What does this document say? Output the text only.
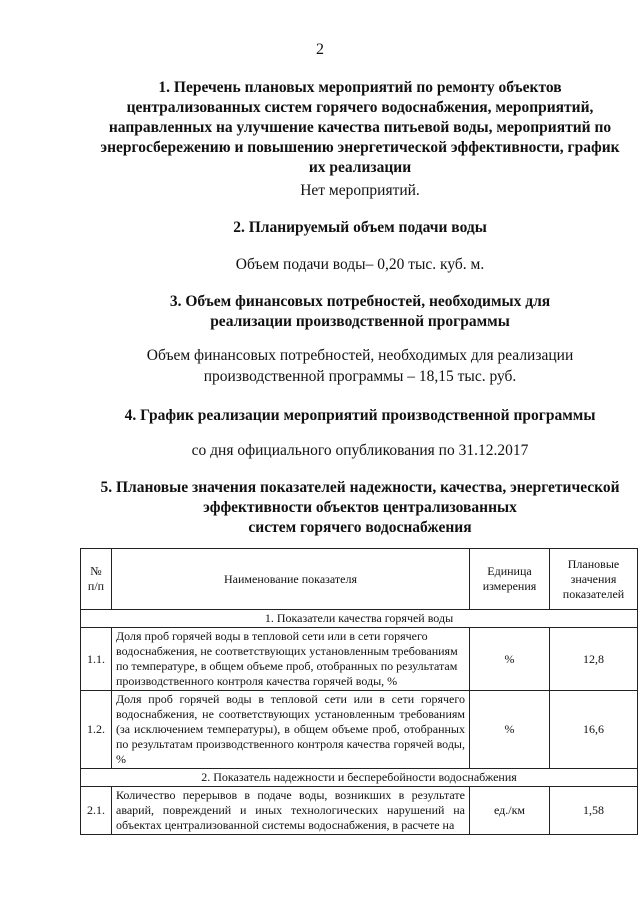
2
1. Перечень плановых мероприятий по ремонту объектов
централизованных систем горячего водоснабжения, мероприятий,
направленных на улучшение качества питьевой воды, мероприятий по
энергосбережению и повышению энергетической эффективности, график
их реализации
Нет мероприятий.
2. Планируемый объем подачи воды
Объем подачи воды– 0,20 тыс. куб. м.
3. Объем финансовых потребностей, необходимых для
реализации производственной программы
Объем финансовых потребностей, необходимых для реализации
производственной программы – 18,15 тыс. руб.
4. График реализации мероприятий производственной программы
со дня официального опубликования по 31.12.2017
5. Плановые значения показателей надежности, качества, энергетической
эффективности объектов централизованных
систем горячего водоснабжения
№ п/п	Наименование показателя	Единица измерения	Плановые значения показателей
1. Показатели качества горячей воды			
1.1.	Доля проб горячей воды в тепловой сети или в сети горячего водоснабжения, не соответствующих установленным требованиям по температуре, в общем объеме проб, отобранных по результатам производственного контроля качества горячей воды, %	%	12,8
1.2.	Доля проб горячей воды в тепловой сети или в сети горячего водоснабжения, не соответствующих установленным требованиям (за исключением температуры), в общем объеме проб, отобранных по результатам производственного контроля качества горячей воды, %	%	16,6
2. Показатель надежности и бесперебойности водоснабжения			
2.1.	Количество перерывов в подаче воды, возникших в результате аварий, повреждений и иных технологических нарушений на объектах централизованной системы водоснабжения, в расчете на	ед./км	1,58
